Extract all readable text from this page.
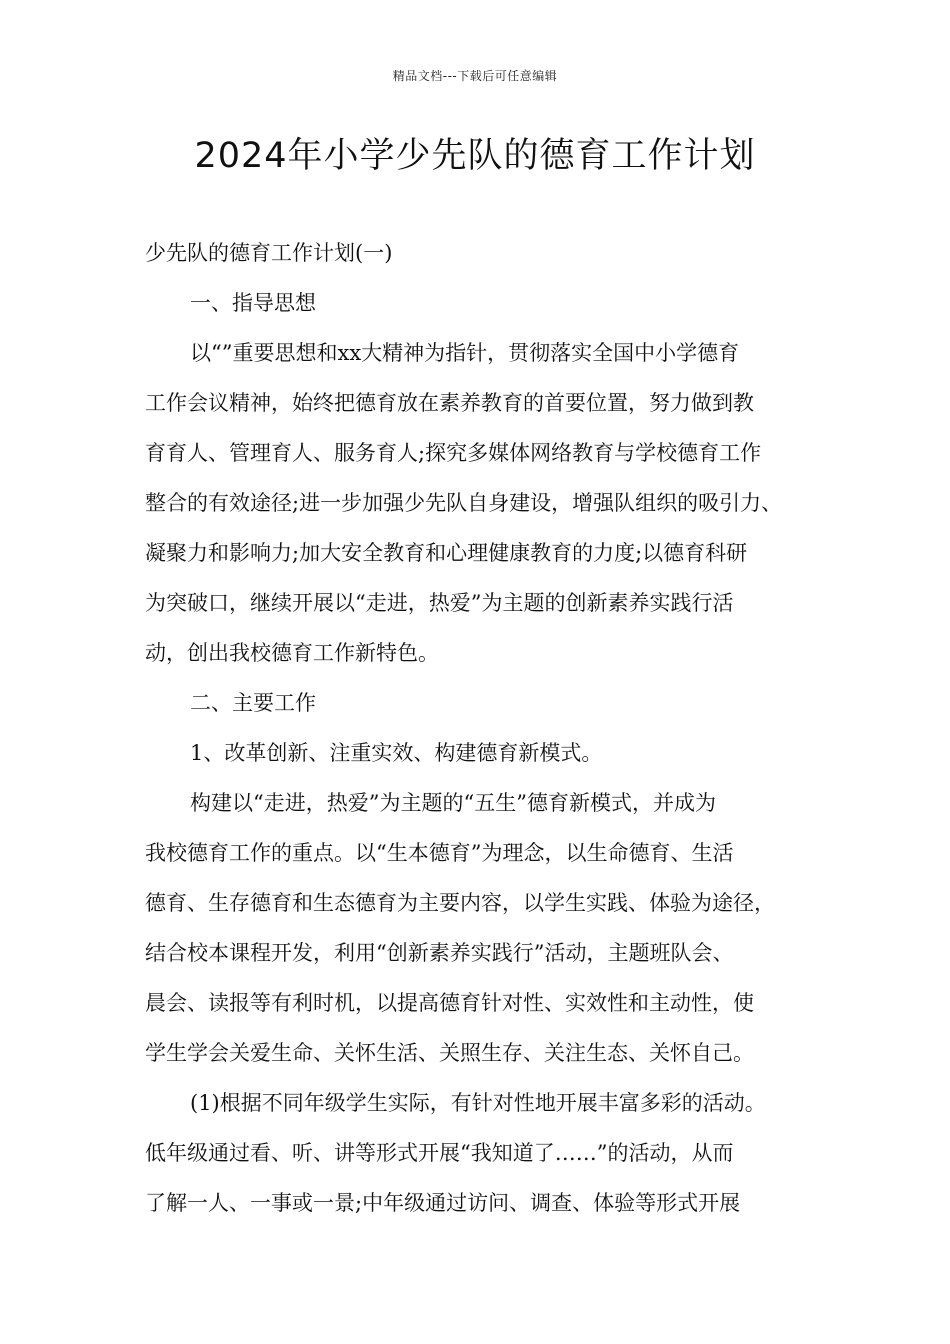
精品文档---下载后可任意编辑
2024年小学少先队的德育工作计划
少先队的德育工作计划(一)
一、指导思想
以“”重要思想和xx大精神为指针，贯彻落实全国中小学德育
工作会议精神，始终把德育放在素养教育的首要位置，努力做到教
育育人、管理育人、服务育人;探究多媒体网络教育与学校德育工作
整合的有效途径;进一步加强少先队自身建设，增强队组织的吸引力、
凝聚力和影响力;加大安全教育和心理健康教育的力度;以德育科研
为突破口，继续开展以“走进，热爱”为主题的创新素养实践行活
动，创出我校德育工作新特色。
二、主要工作
1、改革创新、注重实效、构建德育新模式。
构建以“走进，热爱”为主题的“五生”德育新模式，并成为
我校德育工作的重点。以“生本德育”为理念，以生命德育、生活
德育、生存德育和生态德育为主要内容，以学生实践、体验为途径，
结合校本课程开发，利用“创新素养实践行”活动，主题班队会、
晨会、读报等有利时机，以提高德育针对性、实效性和主动性，使
学生学会关爱生命、关怀生活、关照生存、关注生态、关怀自己。
(1)根据不同年级学生实际，有针对性地开展丰富多彩的活动。
低年级通过看、听、讲等形式开展“我知道了……”的活动，从而
了解一人、一事或一景;中年级通过访问、调查、体验等形式开展
